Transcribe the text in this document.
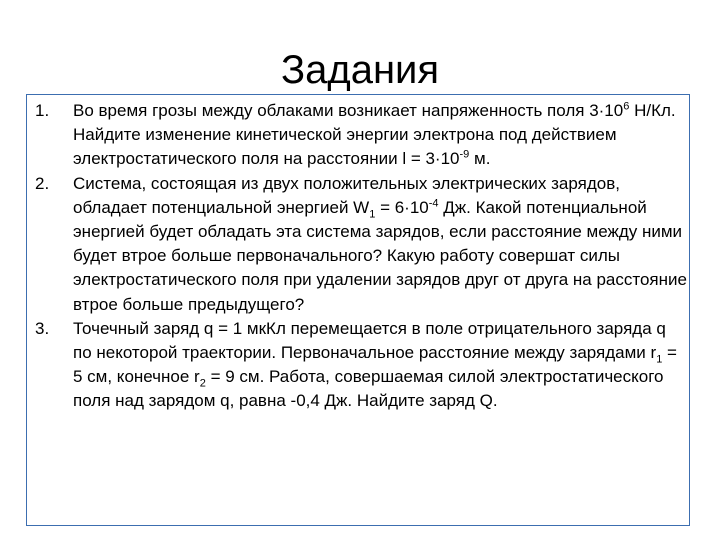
Задания
1.	Во время грозы между облаками возникает напряженность поля $3\cdot 10^6$ Н/Кл. Найдите изменение кинетической энергии электрона под действием электростатического поля на расстоянии $l = 3\cdot 10^{-9}$ м.
2.	Система, состоящая из двух положительных электрических зарядов, обладает потенциальной энергией $W_1 = 6\cdot 10^{-4}$ Дж. Какой потенциальной энергией будет обладать эта система зарядов, если расстояние между ними будет втрое больше первоначального? Какую работу совершат силы электростатического поля при удалении зарядов друг от друга на расстояние втрое больше предыдущего?
3.	Точечный заряд q = 1 мкКл перемещается в поле отрицательного заряда q по некоторой траектории. Первоначальное расстояние между зарядами $r_1 = 5$ см, конечное $r_2 = 9$ см. Работа, совершаемая силой электростатического поля над зарядом q, равна -0,4 Дж. Найдите заряд Q.
